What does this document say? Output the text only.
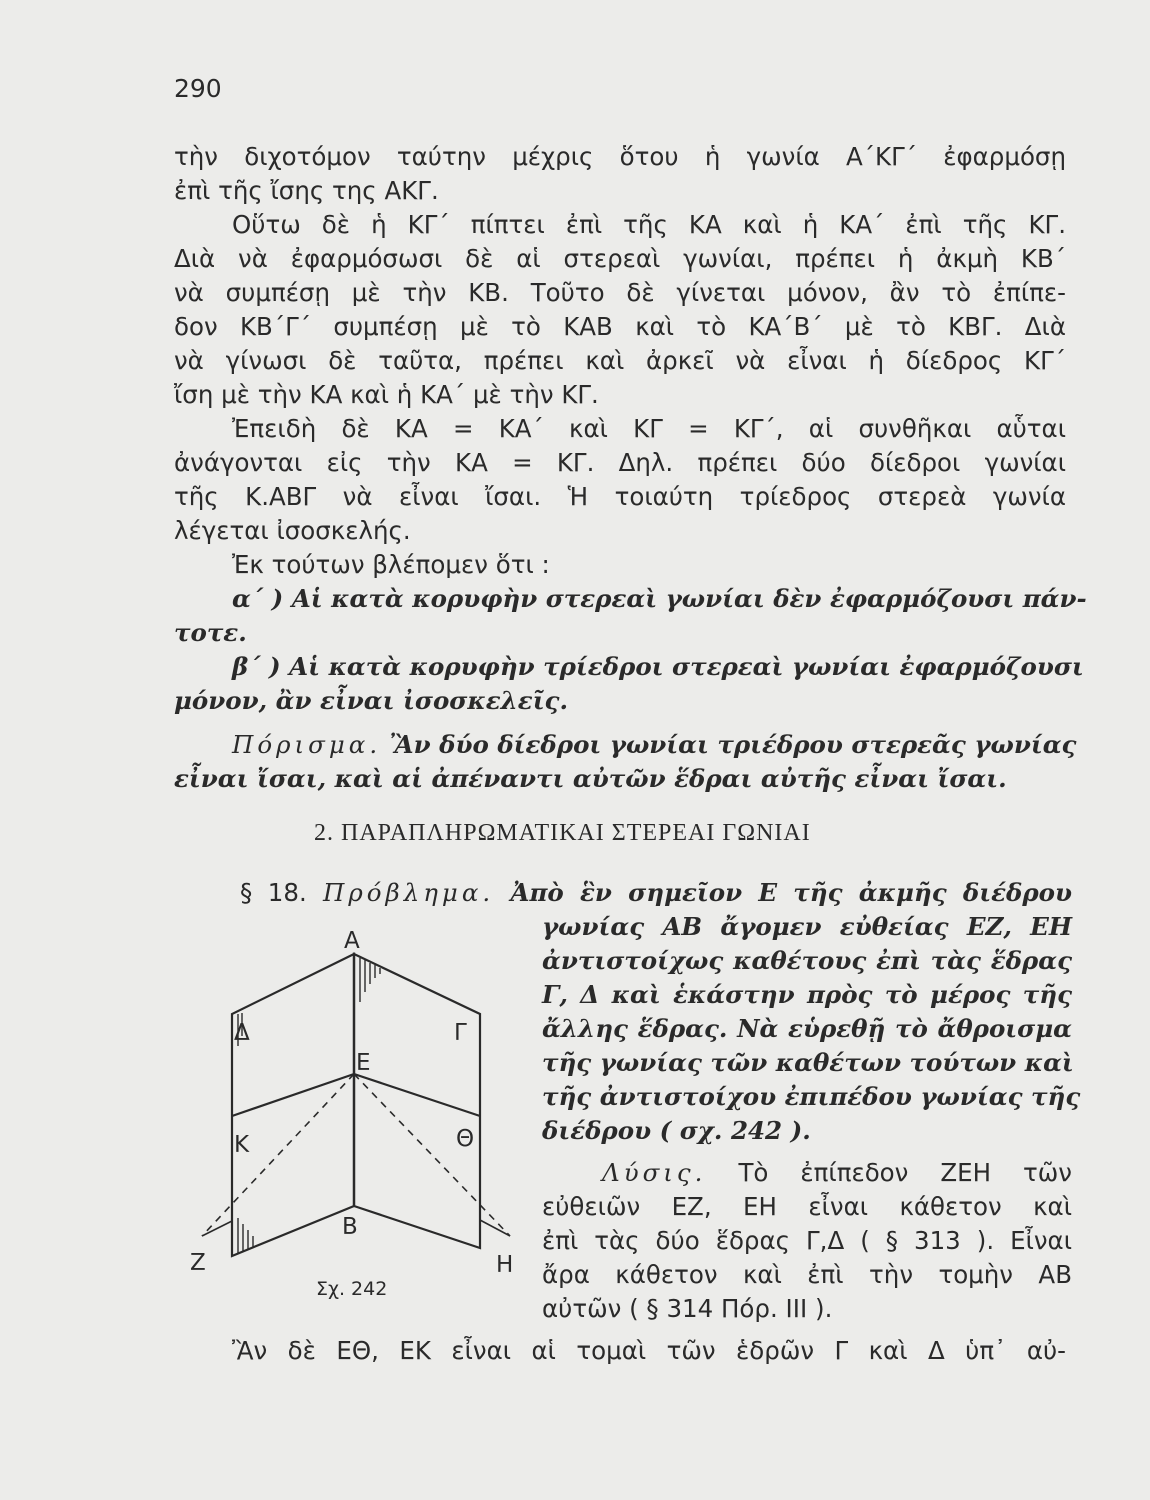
290
τὴν διχοτόμον ταύτην μέχρις ὅτου ἡ γωνία Α΄ΚΓ΄ ἐφαρμόσῃ
ἐπὶ τῆς ἴσης της ΑΚΓ.
Οὕτω δὲ ἡ ΚΓ΄ πίπτει ἐπὶ τῆς ΚΑ καὶ ἡ ΚΑ΄ ἐπὶ τῆς ΚΓ.
Διὰ νὰ ἐφαρμόσωσι δὲ αἱ στερεαὶ γωνίαι, πρέπει ἡ ἀκμὴ ΚΒ΄
νὰ συμπέσῃ μὲ τὴν ΚΒ. Τοῦτο δὲ γίνεται μόνον, ἂν τὸ ἐπίπε-
δον ΚΒ΄Γ΄ συμπέσῃ μὲ τὸ ΚΑΒ καὶ τὸ ΚΑ΄Β΄ μὲ τὸ ΚΒΓ. Διὰ
νὰ γίνωσι δὲ ταῦτα, πρέπει καὶ ἀρκεῖ νὰ εἶναι ἡ δίεδρος ΚΓ΄
ἴση μὲ τὴν ΚΑ καὶ ἡ ΚΑ΄ μὲ τὴν ΚΓ.
Ἐπειδὴ δὲ ΚΑ = ΚΑ΄ καὶ ΚΓ = ΚΓ΄, αἱ συνθῆκαι αὗται
ἀνάγονται εἰς τὴν ΚΑ = ΚΓ. Δηλ. πρέπει δύο δίεδροι γωνίαι
τῆς Κ.ΑΒΓ νὰ εἶναι ἴσαι. Ἡ τοιαύτη τρίεδρος στερεὰ γωνία
λέγεται ἰσοσκελής.
Ἐκ τούτων βλέπομεν ὅτι :
α΄ ) Αἱ κατὰ κορυφὴν στερεαὶ γωνίαι δὲν ἐφαρμόζουσι πάν-
τοτε.
β΄ ) Αἱ κατὰ κορυφὴν τρίεδροι στερεαὶ γωνίαι ἐφαρμόζουσι
μόνον, ἂν εἶναι ἰσοσκελεῖς.
Πόρισμα. Ἂν δύο δίεδροι γωνίαι τριέδρου στερεᾶς γωνίας
εἶναι ἴσαι, καὶ αἱ ἀπέναντι αὐτῶν ἕδραι αὐτῆς εἶναι ἴσαι.
2. ΠΑΡΑΠΛΗΡΩΜΑΤΙΚΑΙ ΣΤΕΡΕΑΙ ΓΩΝΙΑΙ
§ 18. Πρόβλημα. Ἀπὸ ἓν σημεῖον Ε τῆς ἀκμῆς διέδρου
γωνίας ΑΒ ἄγομεν εὐθείας ΕΖ, ΕΗ
ἀντιστοίχως καθέτους ἐπὶ τὰς ἕδρας
Γ, Δ καὶ ἑκάστην πρὸς τὸ μέρος τῆς
ἄλλης ἕδρας. Νὰ εὑρεθῇ τὸ ἄθροισμα
τῆς γωνίας τῶν καθέτων τούτων καὶ
τῆς ἀντιστοίχου ἐπιπέδου γωνίας τῆς
διέδρου ( σχ. 242 ).
Λύσις. Τὸ ἐπίπεδον ΖΕΗ τῶν
εὐθειῶν ΕΖ, ΕΗ εἶναι κάθετον καὶ
ἐπὶ τὰς δύο ἕδρας Γ,Δ ( § 313 ). Εἶναι
ἄρα κάθετον καὶ ἐπὶ τὴν τομὴν ΑΒ
αὐτῶν ( § 314 Πόρ. ΙΙΙ ).
Ἂν δὲ ΕΘ, ΕΚ εἶναι αἱ τομαὶ τῶν ἑδρῶν Γ καὶ Δ ὑπ᾽ αὐ-
Α
Δ	Γ
Ε
Κ	Θ
Β
Ζ	Η
Σχ. 242
